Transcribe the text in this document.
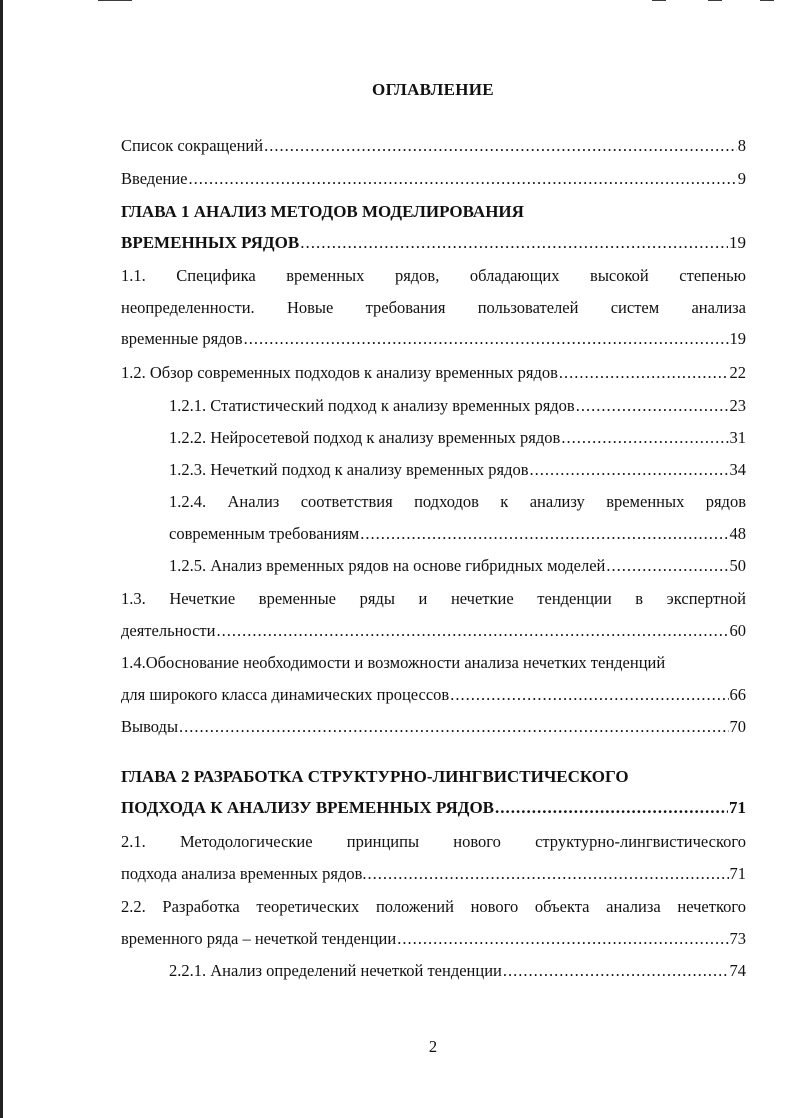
ОГЛАВЛЕНИЕ
Список сокращений .....	8
Введение .....	9
ГЛАВА 1 АНАЛИЗ МЕТОДОВ МОДЕЛИРОВАНИЯ
ВРЕМЕННЫХ РЯДОВ .....	19
1.1. Специфика временных рядов, обладающих высокой степенью
неопределенности. Новые требования пользователей систем анализа
временные рядов .....	19
1.2. Обзор современных подходов к анализу временных рядов .....	22
1.2.1. Статистический подход к анализу временных рядов .....	23
1.2.2. Нейросетевой подход к анализу временных рядов .....	31
1.2.3. Нечеткий подход к анализу временных рядов .....	34
1.2.4. Анализ соответствия подходов к анализу временных рядов
современным требованиям .....	48
1.2.5. Анализ временных рядов на основе гибридных моделей .....	50
1.3. Нечеткие временные ряды и нечеткие тенденции в экспертной
деятельности .....	60
1.4.Обоснование необходимости и возможности анализа нечетких тенденций
для широкого класса динамических процессов .....	66
Выводы .....	70
ГЛАВА 2 РАЗРАБОТКА СТРУКТУРНО-ЛИНГВИСТИЧЕСКОГО
ПОДХОДА К АНАЛИЗУ ВРЕМЕННЫХ РЯДОВ .....	71
2.1. Методологические принципы нового структурно-лингвистического
подхода анализа временных рядов. .....	71
2.2. Разработка теоретических положений нового объекта анализа нечеткого
временного ряда – нечеткой тенденции .....	73
2.2.1. Анализ определений нечеткой тенденции .....	74
2
